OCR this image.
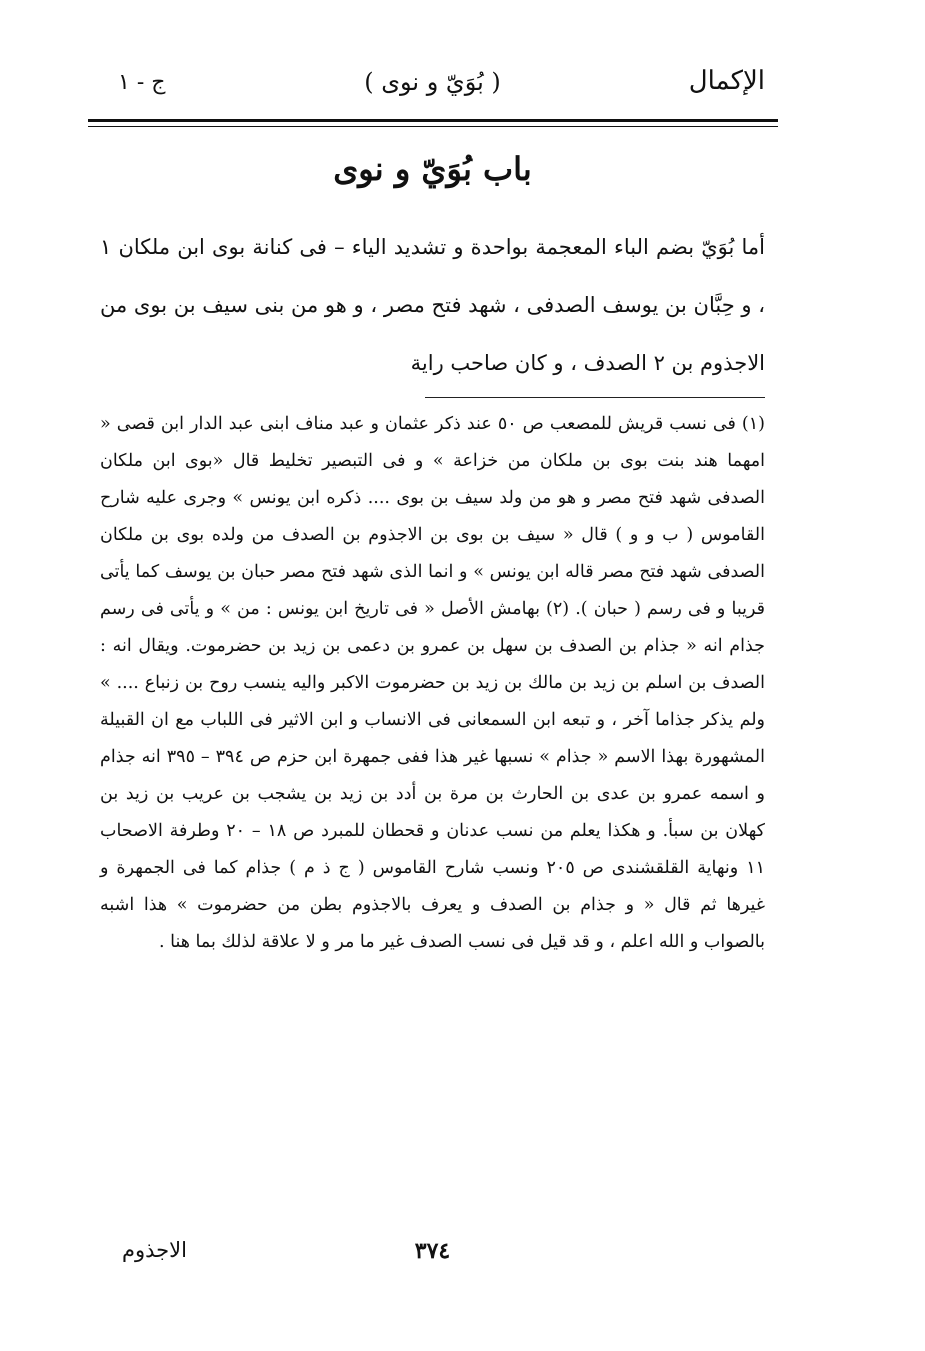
الإكمال
( بُوَيّ و نوى )
ج - ١
باب بُوَيّ و نوى

أما بُوَيّ بضم الباء المعجمة بواحدة و تشديد الياء – فى كنانة بوى ابن ملكان ١ ، و حِبَّان بن يوسف الصدفى ، شهد فتح مصر ، و هو من بنى سيف بن بوى من الاجذوم بن ٢ الصدف ، و كان صاحب راية

(١) فى نسب قريش للمصعب ص ٥٠ عند ذكر عثمان و عبد مناف ابنى عبد الدار ابن قصى « امهما هند بنت بوى بن ملكان من خزاعة » و فى التبصير تخليط قال «بوى ابن ملكان الصدفى شهد فتح مصر و هو من ولد سيف بن بوى .... ذكره ابن يونس » وجرى عليه شارح القاموس ( ب و و ) قال « سيف بن بوى بن الاجذوم بن الصدف من ولده بوى بن ملكان الصدفى شهد فتح مصر قاله ابن يونس » و انما الذى شهد فتح مصر حبان بن يوسف كما يأتى قريبا و فى رسم ( حبان ). (٢) بهامش الأصل « فى تاريخ ابن يونس : من » و يأتى فى رسم جذام انه « جذام بن الصدف بن سهل بن عمرو بن دعمى بن زيد بن حضرموت. ويقال انه : الصدف بن اسلم بن زيد بن مالك بن زيد بن حضرموت الاكبر واليه ينسب روح بن زنباع .... » ولم يذكر جذاما آخر ، و تبعه ابن السمعانى فى الانساب و ابن الاثير فى اللباب مع ان القبيلة المشهورة بهذا الاسم « جذام » نسبها غير هذا ففى جمهرة ابن حزم ص ٣٩٤ – ٣٩٥ انه جذام و اسمه عمرو بن عدى بن الحارث بن مرة بن أدد بن زيد بن يشجب بن عريب بن زيد بن كهلان بن سبأ. و هكذا يعلم من نسب عدنان و قحطان للمبرد ص ١٨ – ٢٠ وطرفة الاصحاب ١١ ونهاية القلقشندى ص ٢٠٥ ونسب شارح القاموس ( ج ذ م ) جذام كما فى الجمهرة و غيرها ثم قال « و جذام بن الصدف و يعرف بالاجذوم بطن من حضرموت » هذا اشبه بالصواب و الله اعلم ، و قد قيل فى نسب الصدف غير ما مر و لا علاقة لذلك بما هنا .

٣٧٤
الاجذوم
